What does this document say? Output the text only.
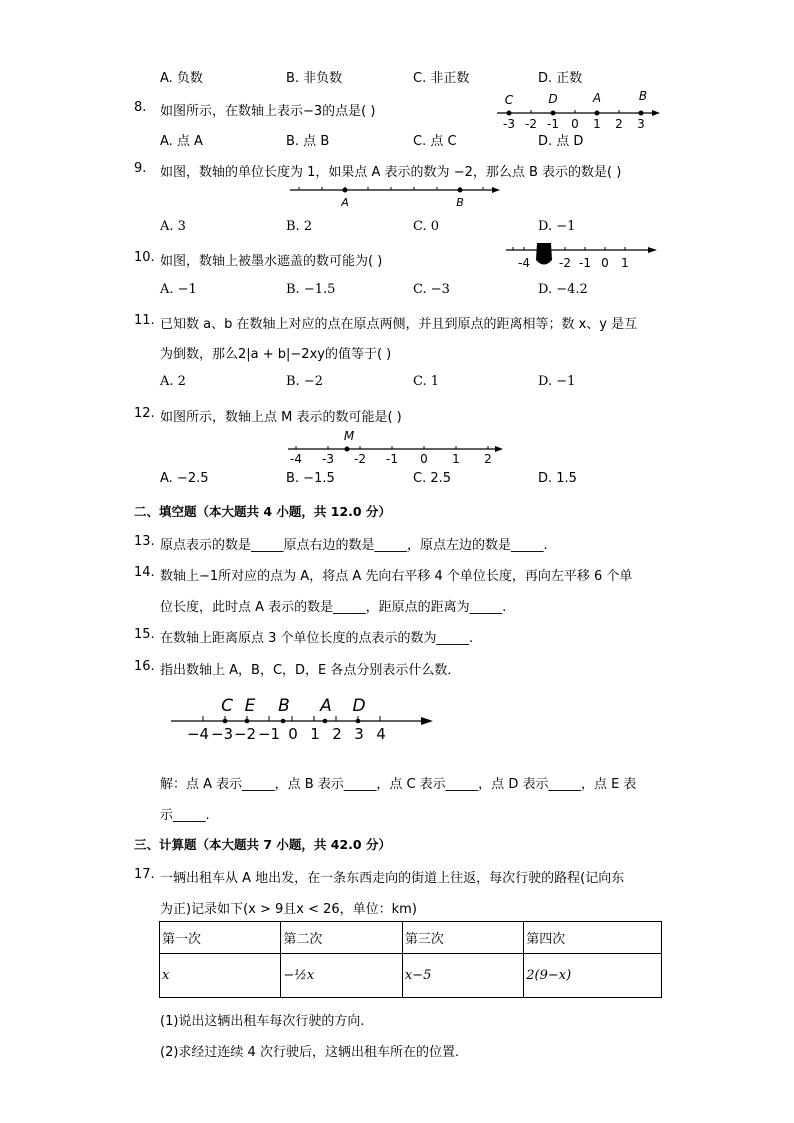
A. 负数	B. 非负数	C. 非正数	D. 正数
8. 如图所示，在数轴上表示−3的点是( )
-3 -2 -1 0 1 2 3
C	D	A	B
A. 点 A	B. 点 B	C. 点 C	D. 点 D
9. 如图，数轴的单位长度为 1，如果点 A 表示的数为 −2，那么点 B 表示的数是( )
A	B
A. 3	B. 2	C. 0	D. −1
10. 如图，数轴上被墨水遮盖的数可能为( )	-4 -2 -1 0 1
A. −1	B. −1.5	C. −3	D. −4.2
11. 已知数 a、b 在数轴上对应的点在原点两侧，并且到原点的距离相等；数 x、y 是互
为倒数，那么2|a + b|−2xy的值等于( )
A. 2	B. −2	C. 1	D. −1
12. 如图所示，数轴上点 M 表示的数可能是( )
M
-4 -3 -2 -1 0 1 2
A. −2.5	B. −1.5	C. 2.5	D. 1.5
二、填空题（本大题共 4 小题，共 12.0 分）
13. 原点表示的数是_____原点右边的数是_____，原点左边的数是_____.
14. 数轴上−1所对应的点为 A，将点 A 先向右平移 4 个单位长度，再向左平移 6 个单
位长度，此时点 A 表示的数是_____，距原点的距离为_____.
15. 在数轴上距离原点 3 个单位长度的点表示的数为_____.
16. 指出数轴上 A，B，C，D，E 各点分别表示什么数．
C E B A D
−4 −3 −2 −1 0 1 2 3 4
解：点 A 表示_____，点 B 表示_____，点 C 表示_____，点 D 表示_____，点 E 表
示_____.
三、计算题（本大题共 7 小题，共 42.0 分）
17. 一辆出租车从 A 地出发，在一条东西走向的街道上往返，每次行驶的路程(记向东
为正)记录如下(x > 9且x < 26，单位：km)
第一次	第二次	第三次	第四次
x	−½x	x−5	2(9−x)
(1)说出这辆出租车每次行驶的方向.
(2)求经过连续 4 次行驶后，这辆出租车所在的位置.
